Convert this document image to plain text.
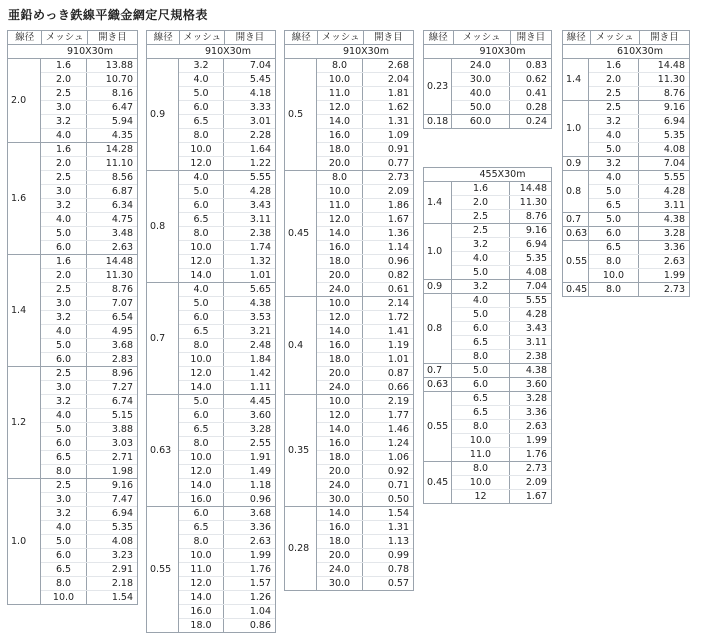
亜鉛めっき鉄線平織金網定尺規格表
線径	メッシュ	開き目
910X30m
2.0
1.6	13.88
2.0	10.70
2.5	8.16
3.0	6.47
3.2	5.94
4.0	4.35
1.6
1.6	14.28
2.0	11.10
2.5	8.56
3.0	6.87
3.2	6.34
4.0	4.75
5.0	3.48
6.0	2.63
1.4
1.6	14.48
2.0	11.30
2.5	8.76
3.0	7.07
3.2	6.54
4.0	4.95
5.0	3.68
6.0	2.83
1.2
2.5	8.96
3.0	7.27
3.2	6.74
4.0	5.15
5.0	3.88
6.0	3.03
6.5	2.71
8.0	1.98
1.0
2.5	9.16
3.0	7.47
3.2	6.94
4.0	5.35
5.0	4.08
6.0	3.23
6.5	2.91
8.0	2.18
10.0	1.54
線径	メッシュ	開き目
910X30m
0.9
3.2	7.04
4.0	5.45
5.0	4.18
6.0	3.33
6.5	3.01
8.0	2.28
10.0	1.64
12.0	1.22
0.8
4.0	5.55
5.0	4.28
6.0	3.43
6.5	3.11
8.0	2.38
10.0	1.74
12.0	1.32
14.0	1.01
0.7
4.0	5.65
5.0	4.38
6.0	3.53
6.5	3.21
8.0	2.48
10.0	1.84
12.0	1.42
14.0	1.11
0.63
5.0	4.45
6.0	3.60
6.5	3.28
8.0	2.55
10.0	1.91
12.0	1.49
14.0	1.18
16.0	0.96
0.55
6.0	3.68
6.5	3.36
8.0	2.63
10.0	1.99
11.0	1.76
12.0	1.57
14.0	1.26
16.0	1.04
18.0	0.86
線径	メッシュ	開き目
910X30m
0.5
8.0	2.68
10.0	2.04
11.0	1.81
12.0	1.62
14.0	1.31
16.0	1.09
18.0	0.91
20.0	0.77
0.45
8.0	2.73
10.0	2.09
11.0	1.86
12.0	1.67
14.0	1.36
16.0	1.14
18.0	0.96
20.0	0.82
24.0	0.61
0.4
10.0	2.14
12.0	1.72
14.0	1.41
16.0	1.19
18.0	1.01
20.0	0.87
24.0	0.66
0.35
10.0	2.19
12.0	1.77
14.0	1.46
16.0	1.24
18.0	1.06
20.0	0.92
24.0	0.71
30.0	0.50
0.28
14.0	1.54
16.0	1.31
18.0	1.13
20.0	0.99
24.0	0.78
30.0	0.57
線径	メッシュ	開き目
910X30m
0.23
24.0	0.83
30.0	0.62
40.0	0.41
50.0	0.28
0.18	60.0	0.24
455X30m
1.4
1.6	14.48
2.0	11.30
2.5	8.76
1.0
2.5	9.16
3.2	6.94
4.0	5.35
5.0	4.08
0.9	3.2	7.04
0.8
4.0	5.55
5.0	4.28
6.0	3.43
6.5	3.11
8.0	2.38
0.7	5.0	4.38
0.63	6.0	3.60
0.55
6.5	3.28
6.5	3.36
8.0	2.63
10.0	1.99
11.0	1.76
0.45
8.0	2.73
10.0	2.09
12	1.67
線径	メッシュ	開き目
610X30m
1.4
1.6	14.48
2.0	11.30
2.5	8.76
1.0
2.5	9.16
3.2	6.94
4.0	5.35
5.0	4.08
0.9	3.2	7.04
0.8
4.0	5.55
5.0	4.28
6.5	3.11
0.7	5.0	4.38
0.63	6.0	3.28
0.55
6.5	3.36
8.0	2.63
10.0	1.99
0.45	8.0	2.73
